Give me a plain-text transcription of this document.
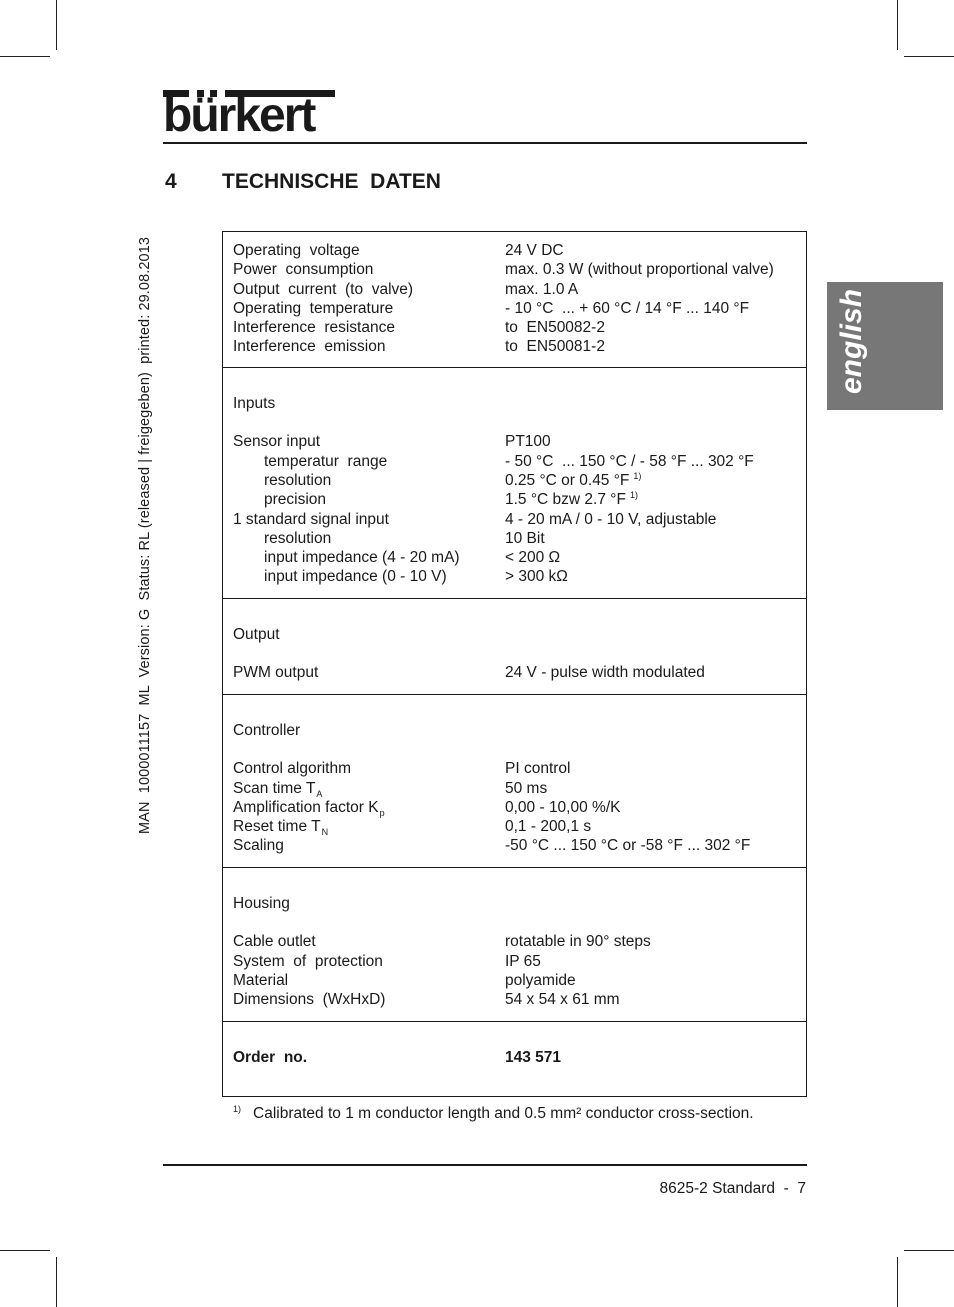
bürkert
4 TECHNISCHE  DATEN
MAN  1000011157  ML  Version: G  Status: RL (released | freigegeben)  printed: 29.08.2013	english
Operating  voltage	24 V DC
Power  consumption	max. 0.3 W (without proportional valve)
Output  current  (to  valve)	max. 1.0 A
Operating  temperature	- 10 °C  ... + 60 °C / 14 °F ... 140 °F
Interference  resistance	to  EN50082-2
Interference  emission	to  EN50081-2
Inputs
Sensor input	PT100
temperatur  range	- 50 °C  ... 150 °C / - 58 °F ... 302 °F
resolution	0.25 °C or 0.45 °F $^{1)}$
precision	1.5 °C bzw 2.7 °F $^{1)}$
1 standard signal input	4 - 20 mA / 0 - 10 V, adjustable
resolution	10 Bit
input impedance (4 - 20 mA)	< 200 Ω
input impedance (0 - 10 V)	> 300 kΩ
Output
PWM output	24 V - pulse width modulated
Controller
Control algorithm	PI control
Scan time $T_A$	50 ms
Amplification factor $K_p$	0,00 - 10,00 %/K
Reset time $T_N$	0,1 - 200,1 s
Scaling	-50 °C ... 150 °C or -58 °F ... 302 °F
Housing
Cable outlet	rotatable in 90° steps
System  of  protection	IP 65
Material	polyamide
Dimensions  (WxHxD)	54 x 54 x 61 mm
Order  no.	143 571
$^{1)}$ Calibrated to 1 m conductor length and 0.5 mm² conductor cross-section.
8625-2 Standard  -  7
